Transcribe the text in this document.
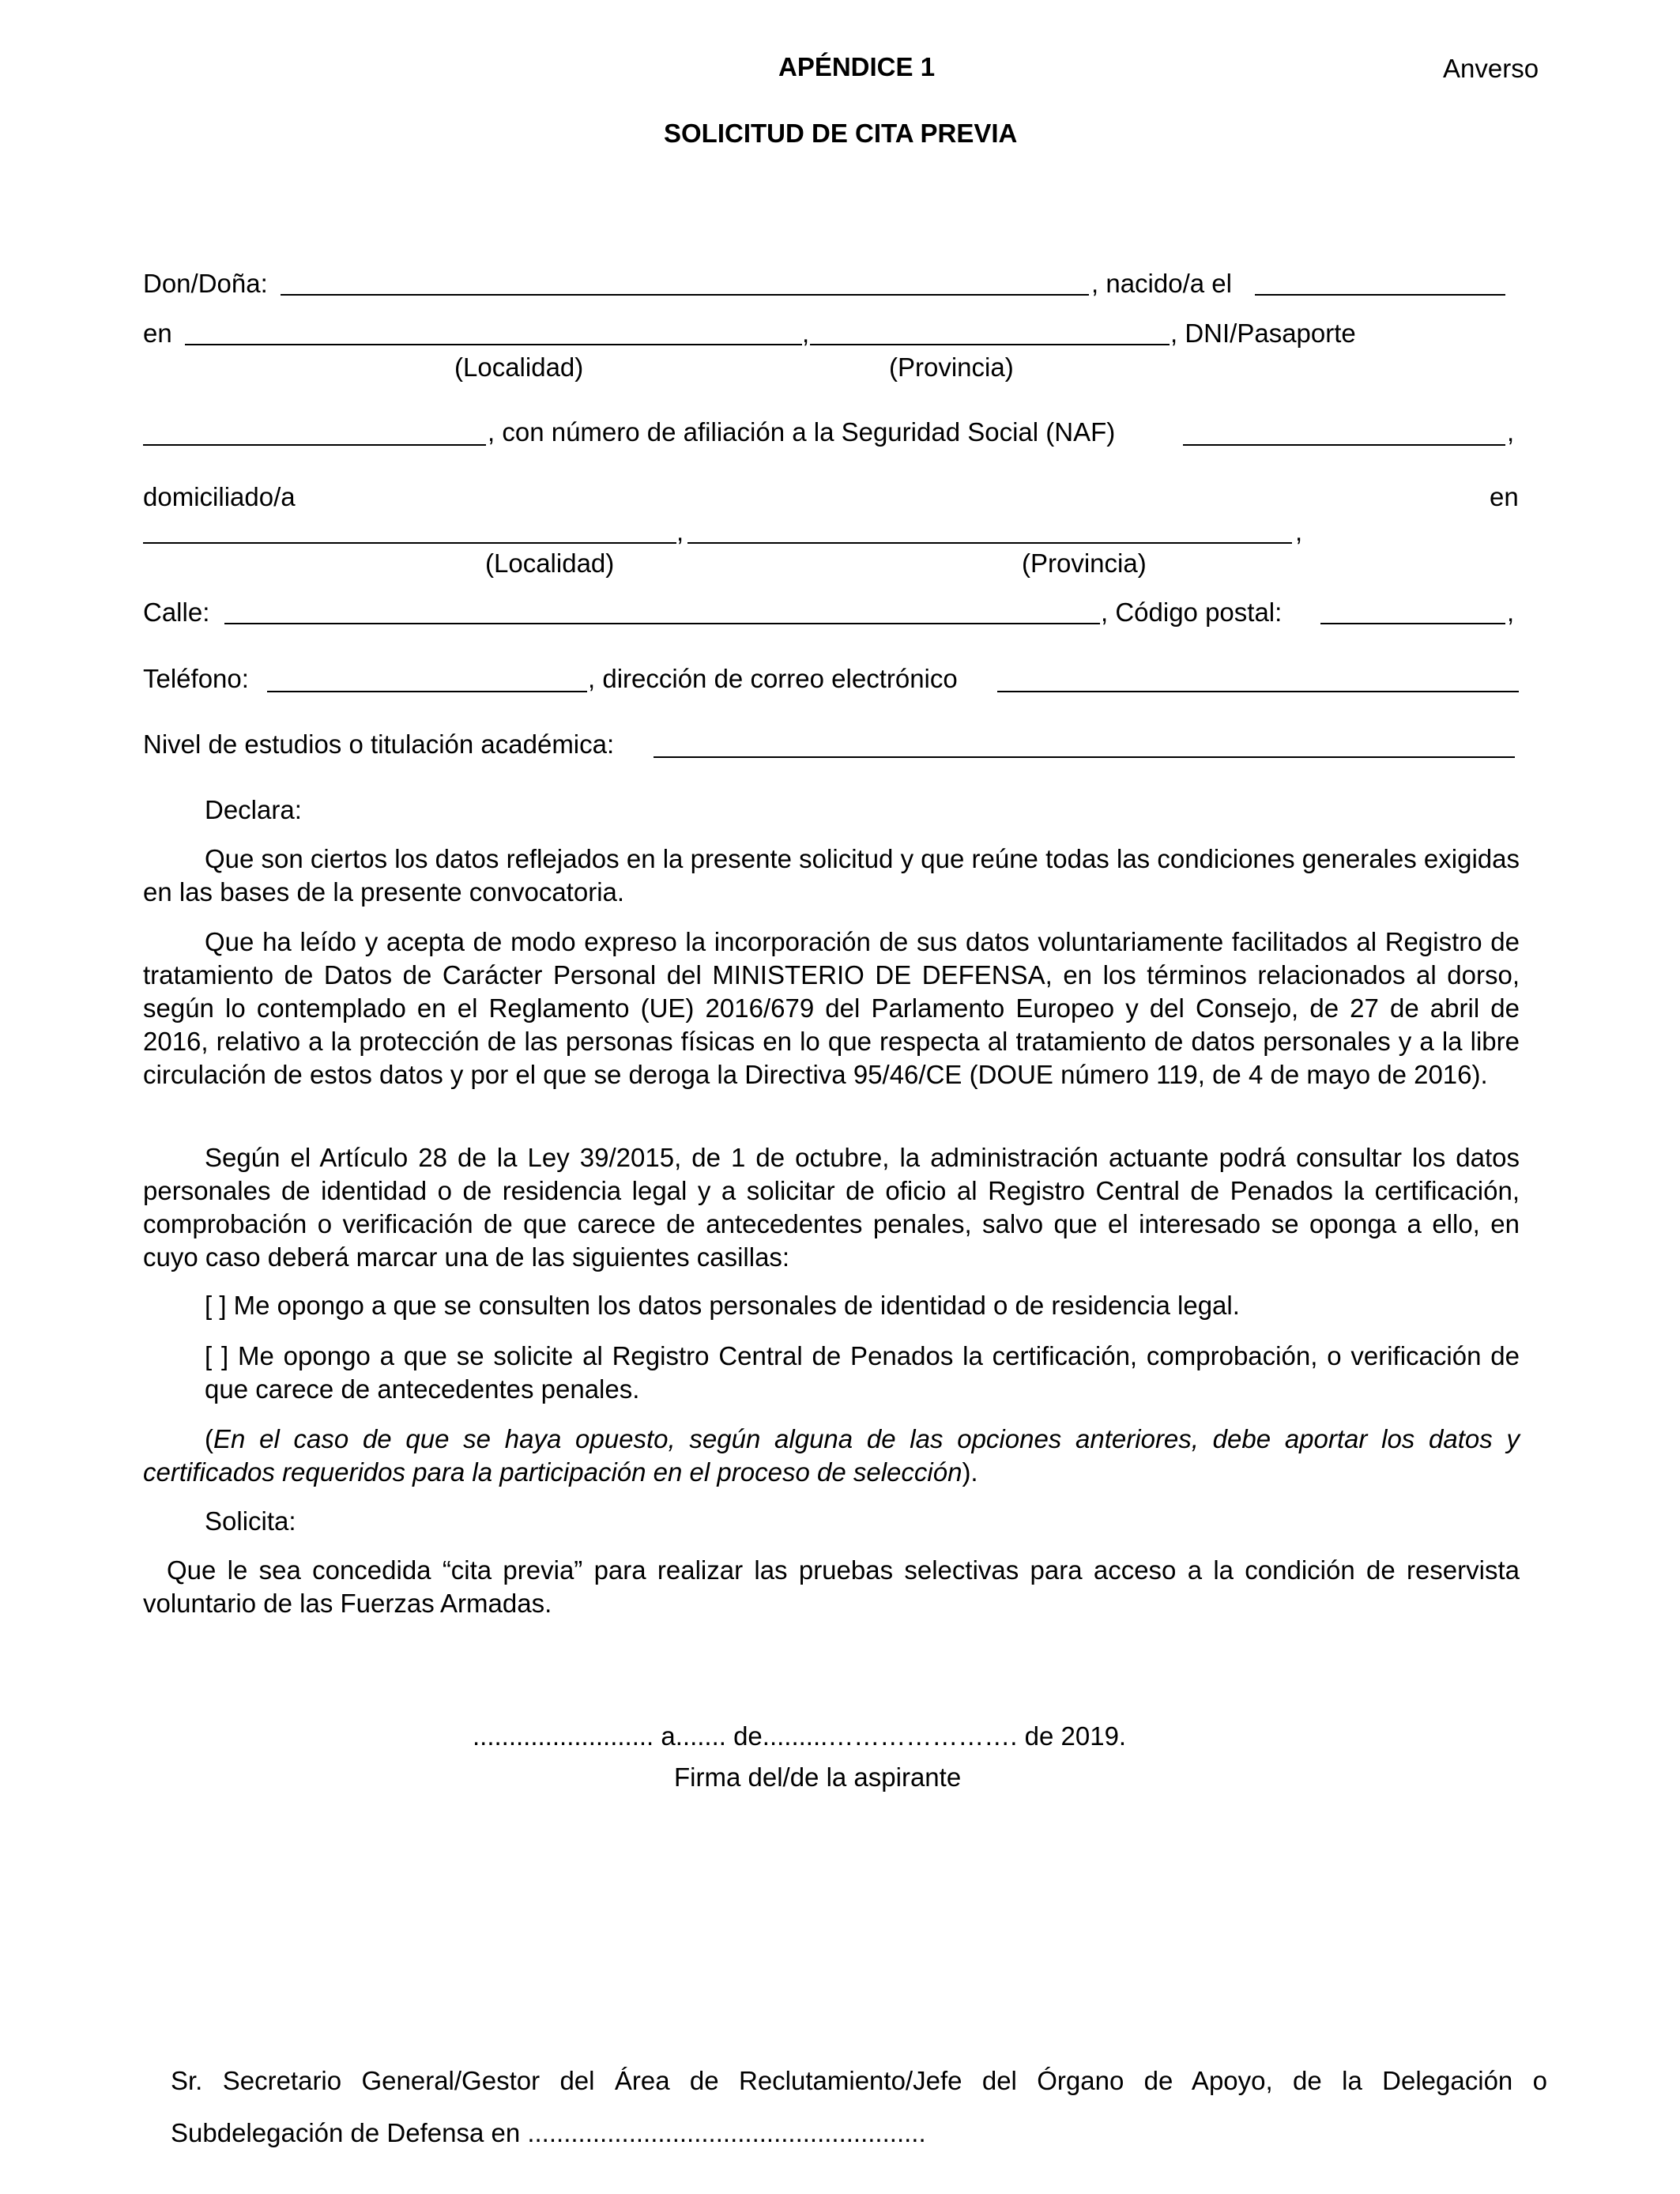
APÉNDICE 1	Anverso
SOLICITUD DE CITA PREVIA
Don/Doña:	, nacido/a el
en	,	, DNI/Pasaporte
(Localidad)	(Provincia)
, con número de afiliación a la Seguridad Social (NAF)	,
domiciliado/a	en
,	,
(Localidad)	(Provincia)
Calle:	, Código postal:	,
Teléfono:	, dirección de correo electrónico
Nivel de estudios o titulación académica:
Declara:
Que son ciertos los datos reflejados en la presente solicitud y que reúne todas las condiciones generales exigidas en las bases de la presente convocatoria.
Que ha leído y acepta de modo expreso la incorporación de sus datos voluntariamente facilitados al Registro de tratamiento de Datos de Carácter Personal del MINISTERIO DE DEFENSA, en los términos relacionados al dorso, según lo contemplado en el Reglamento (UE) 2016/679 del Parlamento Europeo y del Consejo, de 27 de abril de 2016, relativo a la protección de las personas físicas en lo que respecta al tratamiento de datos personales y a la libre circulación de estos datos y por el que se deroga la Directiva 95/46/CE (DOUE número 119, de 4 de mayo de 2016).
Según el Artículo 28 de la Ley 39/2015, de 1 de octubre, la administración actuante podrá consultar los datos personales de identidad o de residencia legal y a solicitar de oficio al Registro Central de Penados la certificación, comprobación o verificación de que carece de antecedentes penales, salvo que el interesado se oponga a ello, en cuyo caso deberá marcar una de las siguientes casillas:
[ ] Me opongo a que se consulten los datos personales de identidad o de residencia legal.
[ ] Me opongo a que se solicite al Registro Central de Penados la certificación, comprobación, o verificación de que carece de antecedentes penales.
(En el caso de que se haya opuesto, según alguna de las opciones anteriores, debe aportar los datos y certificados requeridos para la participación en el proceso de selección).
Solicita:
Que le sea concedida “cita previa” para realizar las pruebas selectivas para acceso a la condición de reservista voluntario de las Fuerzas Armadas.
......................... a....... de.........…………………. de 2019.
Firma del/de la aspirante
Sr. Secretario General/Gestor del Área de Reclutamiento/Jefe del Órgano de Apoyo, de la Delegación o
Subdelegación de Defensa en .......................................................
